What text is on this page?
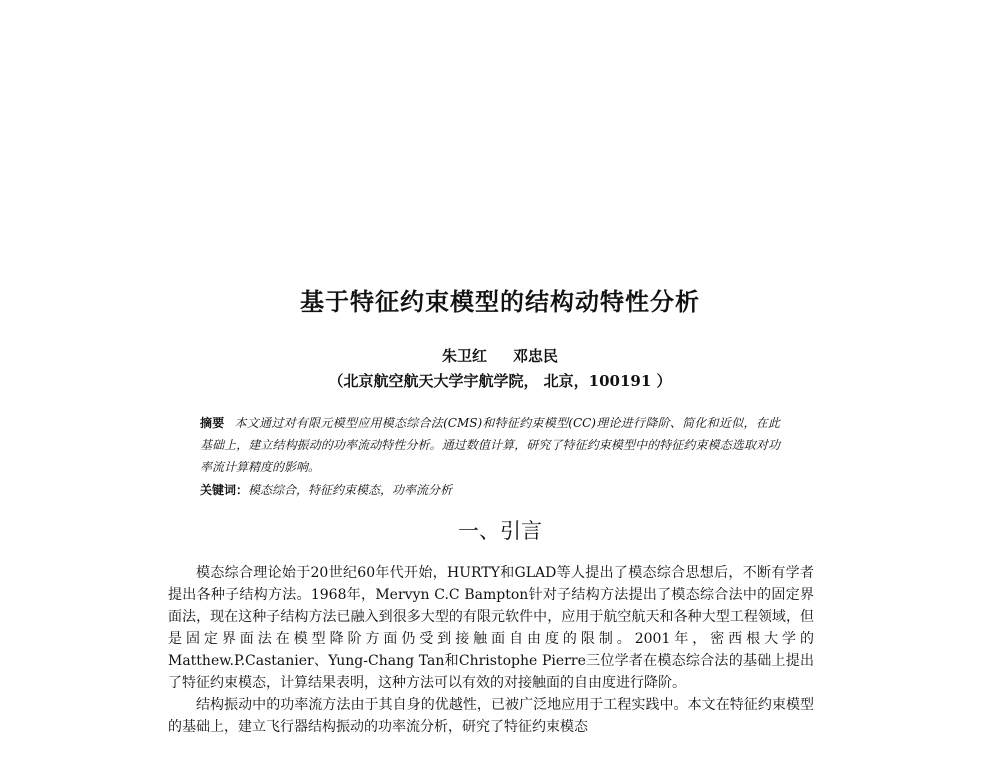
基于特征约束模型的结构动特性分析
朱卫红 邓忠民
（北京航空航天大学宇航学院， 北京，100191 ）
摘要 本文通过对有限元模型应用模态综合法(CMS)和特征约束模型(CC)理论进行降阶、简化和近似，在此基础上，建立结构振动的功率流动特性分析。通过数值计算，研究了特征约束模型中的特征约束模态选取对功率流计算精度的影响。
关键词：模态综合，特征约束模态，功率流分析
一、引言

模态综合理论始于20世纪60年代开始，HURTY和GLAD等人提出了模态综合思想后，不断有学者提出各种子结构方法。1968年，Mervyn C.C Bampton针对子结构方法提出了模态综合法中的固定界面法，现在这种子结构方法已融入到很多大型的有限元软件中，应用于航空航天和各种大型工程领域，但是固定界面法在模型降阶方面仍受到接触面自由度的限制。2001年，密西根大学的Matthew.P.Castanier、Yung-Chang Tan和Christophe Pierre三位学者在模态综合法的基础上提出了特征约束模态，计算结果表明，这种方法可以有效的对接触面的自由度进行降阶。

结构振动中的功率流方法由于其自身的优越性，已被广泛地应用于工程实践中。本文在特征约束模型的基础上，建立飞行器结构振动的功率流分析，研究了特征约束模态
